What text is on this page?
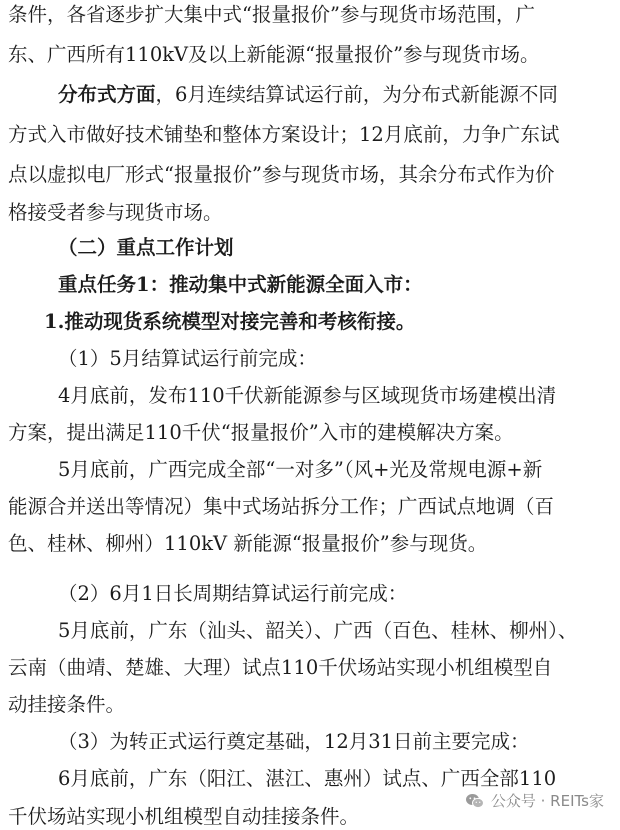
条件，各省逐步扩大集中式“报量报价”参与现货市场范围，广
东、广西所有110kV及以上新能源“报量报价”参与现货市场。
分布式方面，6月连续结算试运行前，为分布式新能源不同
方式入市做好技术铺垫和整体方案设计；12月底前，力争广东试
点以虚拟电厂形式“报量报价”参与现货市场，其余分布式作为价
格接受者参与现货市场。
（二）重点工作计划
重点任务1：推动集中式新能源全面入市：
1.推动现货系统模型对接完善和考核衔接。
（1）5月结算试运行前完成：
4月底前，发布110千伏新能源参与区域现货市场建模出清
方案，提出满足110千伏“报量报价”入市的建模解决方案。
5月底前，广西完成全部“一对多”（风+光及常规电源+新
能源合并送出等情况）集中式场站拆分工作；广西试点地调（百
色、桂林、柳州）110kV 新能源“报量报价”参与现货。
（2）6月1日长周期结算试运行前完成：
5月底前，广东（汕头、韶关）、广西（百色、桂林、柳州）、
云南（曲靖、楚雄、大理）试点110千伏场站实现小机组模型自
动挂接条件。
（3）为转正式运行奠定基础，12月31日前主要完成：
6月底前，广东（阳江、湛江、惠州）试点、广西全部110
千伏场站实现小机组模型自动挂接条件。
公众号 · REITs家
